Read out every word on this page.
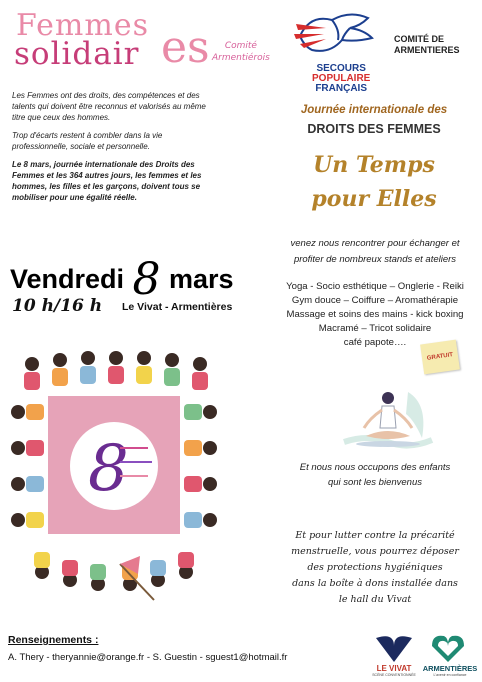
Femmes
solidair es	Comité
Armentiérois
SECOURS
POPULAIRE
FRANÇAIS
COMITÉ DE
ARMENTIERES

Les Femmes ont des droits, des compétences et des talents qui doivent être reconnus et valorisés au même titre que ceux des hommes.

Trop d'écarts restent à combler dans la vie professionnelle, sociale et personnelle.

Le 8 mars, journée internationale des Droits des Femmes et les 364 autres jours, les femmes et les hommes, les filles et les garçons, doivent tous se mobiliser pour une égalité réelle.

Vendredi 8 mars
10 h/16 h Le Vivat - Armentières
8
Journée internationale des
DROITS DES FEMMES
Un Temps
pour Elles
venez nous rencontrer pour échanger et
profiter de nombreux stands et ateliers
Yoga - Socio esthétique – Onglerie - Reiki
Gym douce – Coiffure – Aromathérapie
Massage et soins des mains - kick boxing
Macramé – Tricot solidaire
café papote….
GRATUIT
Et nous nous occupons des enfants
qui sont les bienvenus
Et pour lutter contre la précarité
menstruelle, vous pourrez déposer
des protections hygiéniques
dans la boîte à dons installée dans
le hall du Vivat
Renseignements :
A. Thery - theryannie@orange.fr - S. Guestin - sguest1@hotmail.fr
LE VIVAT
SCÈNE CONVENTIONNÉE
ARMENTIÈRES
L'avenir en confiance
